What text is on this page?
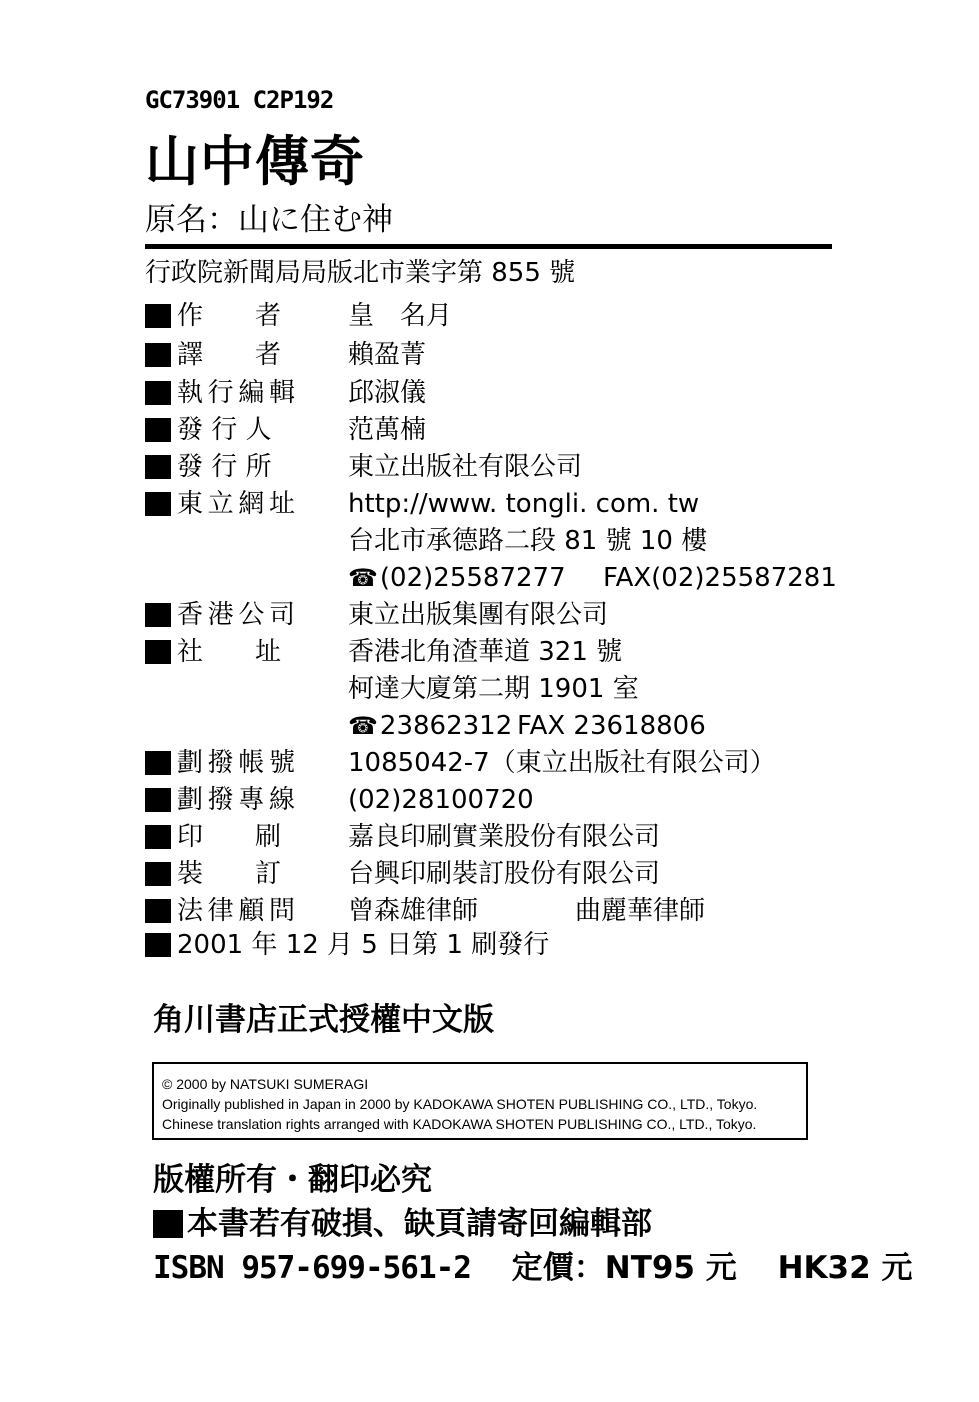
GC73901 C2P192
山中傳奇
原名：山に住む神
行政院新聞局局版北市業字第 855 號
作　　者	皇　名月
譯　　者	賴盈菁
執行編輯 邱淑儀
發 行 人	范萬楠
發 行 所	東立出版社有限公司
東立網址 http://www. tongli. com. tw
台北市承德路二段 81 號 10 樓
☎ (02)25587277 FAX(02)25587281
香港公司 東立出版集團有限公司
社　　址	香港北角渣華道 321 號
柯達大廈第二期 1901 室
☎ 23862312 FAX 23618806
劃撥帳號 1085042-7（東立出版社有限公司）
劃撥專線 (02)28100720
印　　刷	嘉良印刷實業股份有限公司
裝　　訂	台興印刷裝訂股份有限公司
法律顧問 曾森雄律師	曲麗華律師
2001 年 12 月 5 日第 1 刷發行
角川書店正式授權中文版
© 2000 by NATSUKI SUMERAGI
Originally published in Japan in 2000 by KADOKAWA SHOTEN PUBLISHING CO., LTD., Tokyo.
Chinese translation rights arranged with KADOKAWA SHOTEN PUBLISHING CO., LTD., Tokyo.
版權所有・翻印必究
本書若有破損、缺頁請寄回編輯部
ISBN 957-699-561-2 定價：NT95 元 HK32 元
